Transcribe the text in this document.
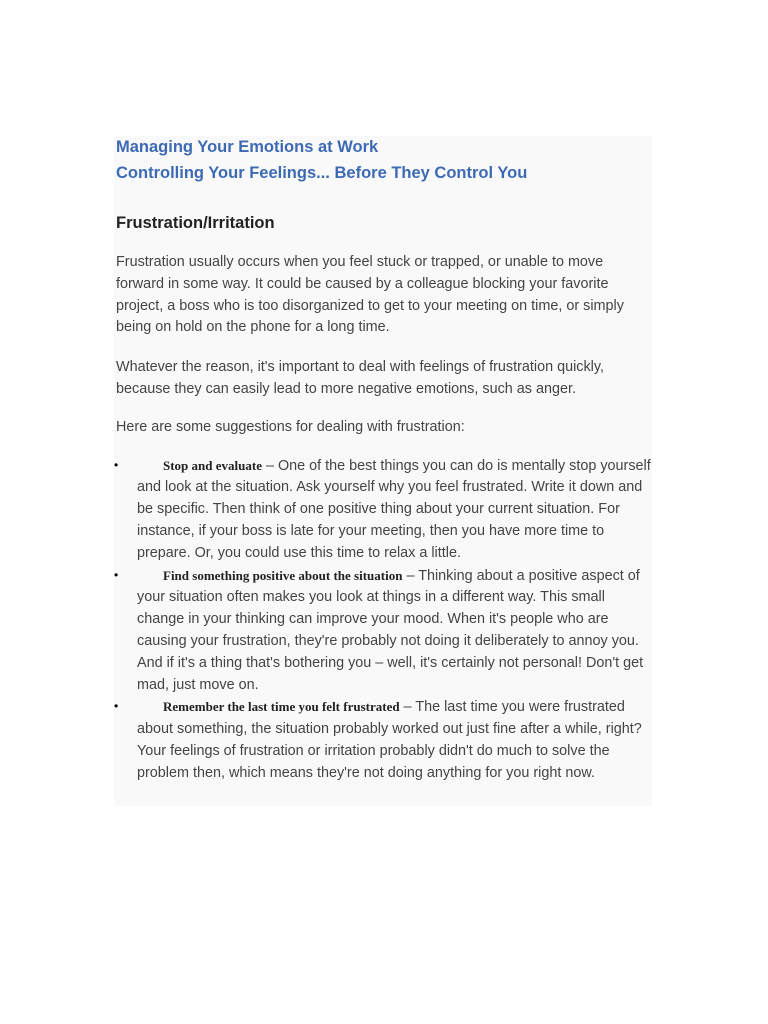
Managing Your Emotions at Work
Controlling Your Feelings... Before They Control You
Frustration/Irritation

Frustration usually occurs when you feel stuck or trapped, or unable to move forward in some way. It could be caused by a colleague blocking your favorite project, a boss who is too disorganized to get to your meeting on time, or simply being on hold on the phone for a long time.

Whatever the reason, it's important to deal with feelings of frustration quickly, because they can easily lead to more negative emotions, such as anger.

Here are some suggestions for dealing with frustration:

•	Stop and evaluate – One of the best things you can do is mentally stop yourself and look at the situation. Ask yourself why you feel frustrated. Write it down and be specific. Then think of one positive thing about your current situation. For instance, if your boss is late for your meeting, then you have more time to prepare. Or, you could use this time to relax a little.
•	Find something positive about the situation – Thinking about a positive aspect of your situation often makes you look at things in a different way. This small change in your thinking can improve your mood. When it's people who are causing your frustration, they're probably not doing it deliberately to annoy you. And if it's a thing that's bothering you – well, it's certainly not personal! Don't get mad, just move on.
•	Remember the last time you felt frustrated – The last time you were frustrated about something, the situation probably worked out just fine after a while, right? Your feelings of frustration or irritation probably didn't do much to solve the problem then, which means they're not doing anything for you right now.
